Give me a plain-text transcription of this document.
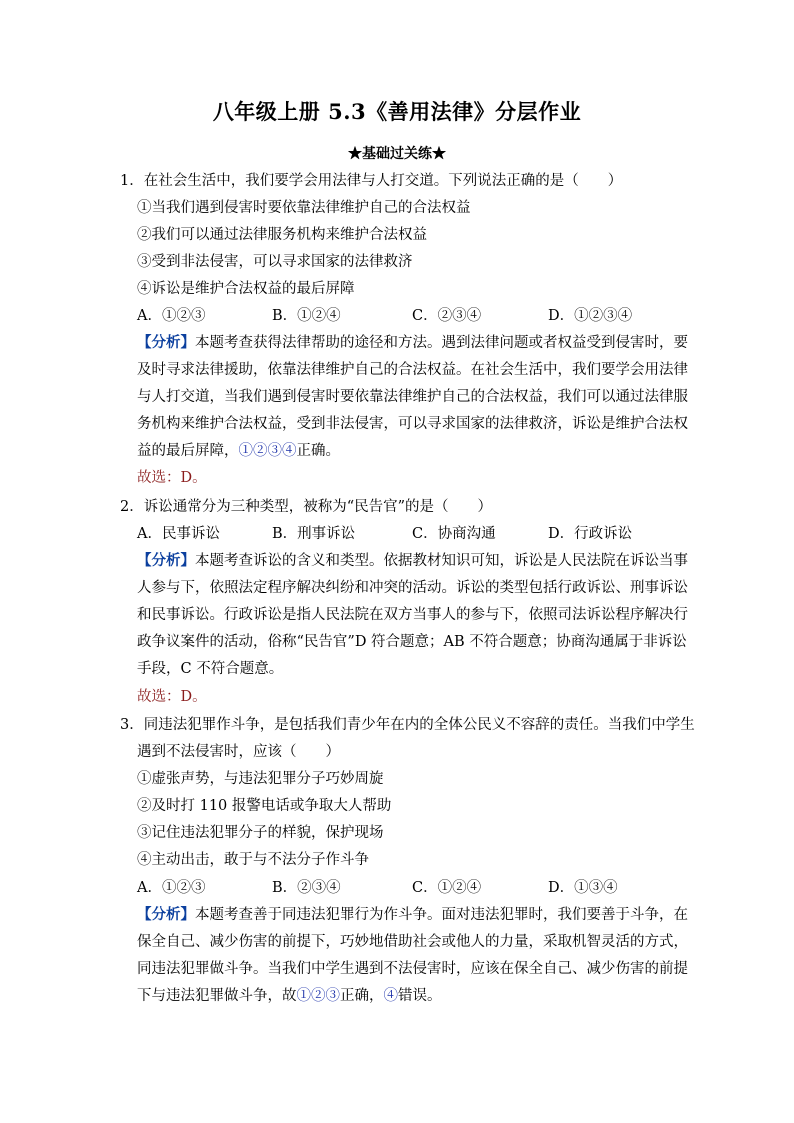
八年级上册 5.3《善用法律》分层作业
★基础过关练★
1．在社会生活中，我们要学会用法律与人打交道。下列说法正确的是（　　）
①当我们遇到侵害时要依靠法律维护自己的合法权益
②我们可以通过法律服务机构来维护合法权益
③受到非法侵害，可以寻求国家的法律救济
④诉讼是维护合法权益的最后屏障
A．①②③	B．①②④	C．②③④	D．①②③④
【分析】本题考查获得法律帮助的途径和方法。遇到法律问题或者权益受到侵害时，要
及时寻求法律援助，依靠法律维护自己的合法权益。在社会生活中，我们要学会用法律
与人打交道，当我们遇到侵害时要依靠法律维护自己的合法权益，我们可以通过法律服
务机构来维护合法权益，受到非法侵害，可以寻求国家的法律救济，诉讼是维护合法权
益的最后屏障，①②③④正确。
故选：D。
2．诉讼通常分为三种类型，被称为“民告官”的是（　　）
A．民事诉讼	B．刑事诉讼	C．协商沟通	D．行政诉讼
【分析】本题考查诉讼的含义和类型。依据教材知识可知，诉讼是人民法院在诉讼当事
人参与下，依照法定程序解决纠纷和冲突的活动。诉讼的类型包括行政诉讼、刑事诉讼
和民事诉讼。行政诉讼是指人民法院在双方当事人的参与下，依照司法诉讼程序解决行
政争议案件的活动，俗称“民告官”D 符合题意；AB 不符合题意；协商沟通属于非诉讼
手段，C 不符合题意。
故选：D。
3．同违法犯罪作斗争，是包括我们青少年在内的全体公民义不容辞的责任。当我们中学生
遇到不法侵害时，应该（　　）
①虚张声势，与违法犯罪分子巧妙周旋
②及时打 110 报警电话或争取大人帮助
③记住违法犯罪分子的样貌，保护现场
④主动出击，敢于与不法分子作斗争
A．①②③	B．②③④	C．①②④	D．①③④
【分析】本题考查善于同违法犯罪行为作斗争。面对违法犯罪时，我们要善于斗争，在
保全自己、减少伤害的前提下，巧妙地借助社会或他人的力量，采取机智灵活的方式，
同违法犯罪做斗争。当我们中学生遇到不法侵害时，应该在保全自己、减少伤害的前提
下与违法犯罪做斗争，故①②③正确，④错误。
